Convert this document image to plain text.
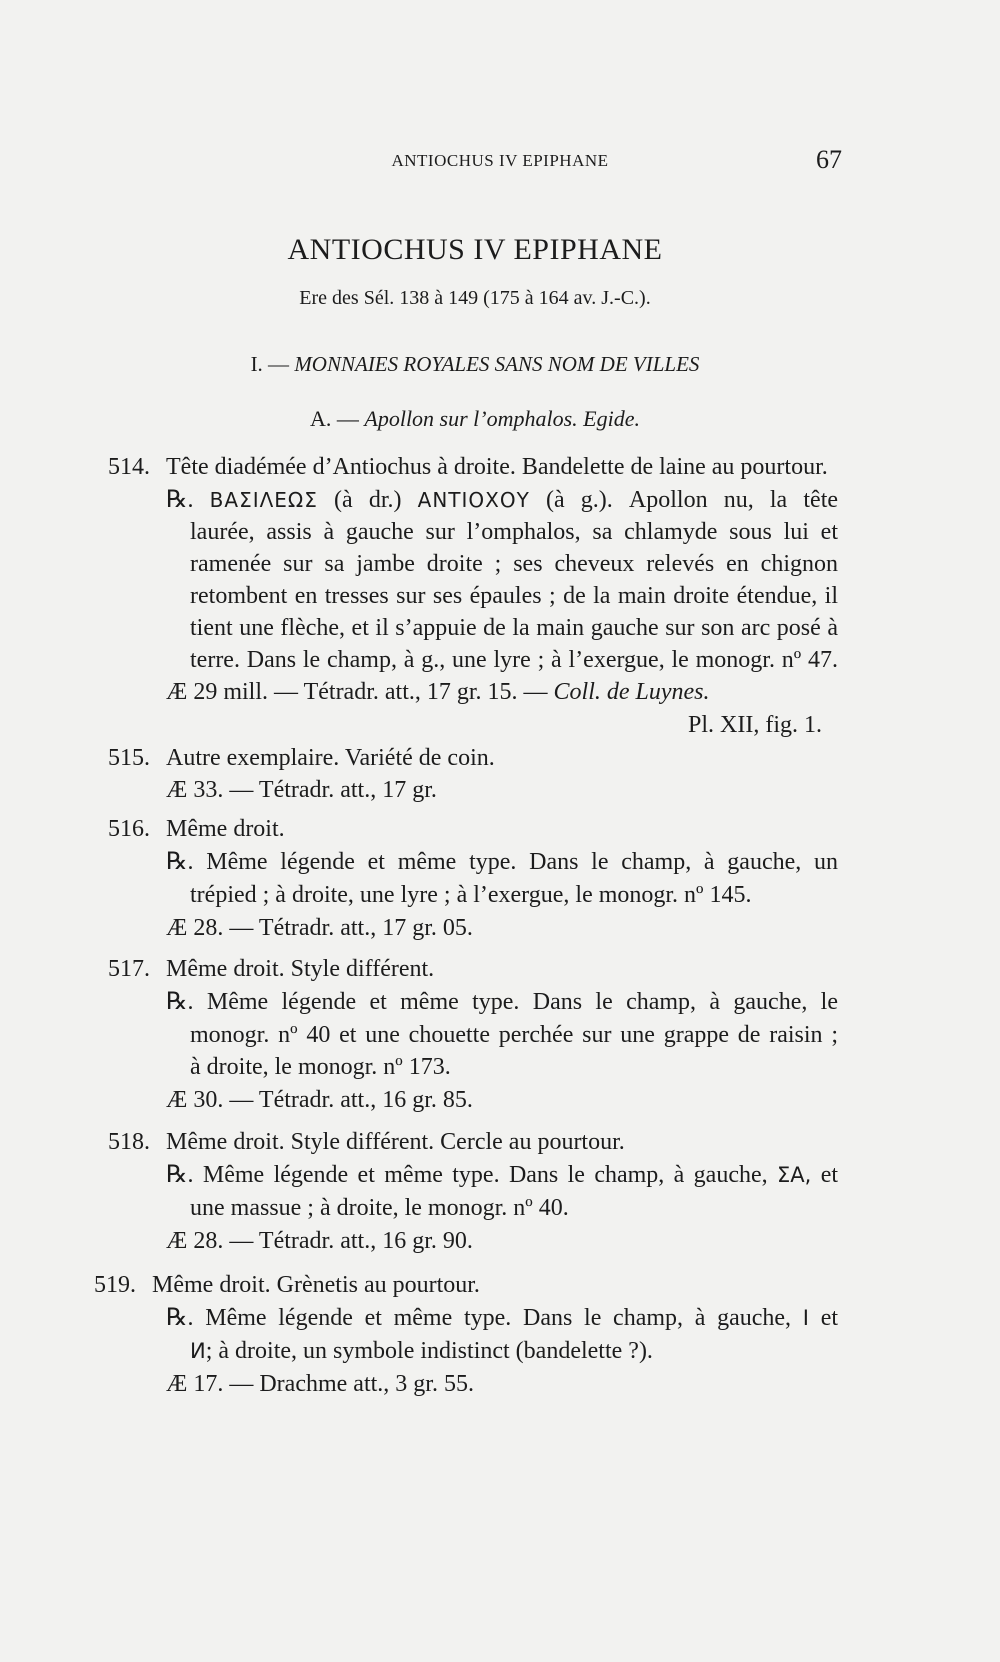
ANTIOCHUS IV EPIPHANE	67
ANTIOCHUS IV EPIPHANE
Ere des Sél. 138 à 149 (175 à 164 av. J.-C.).
I. — MONNAIES ROYALES SANS NOM DE VILLES
A. — Apollon sur l’omphalos. Egide.
514. Tête diadémée d’Antiochus à droite. Bandelette de laine au pourtour.
℞. ΒΑΣΙΛΕΩΣ (à dr.) ΑΝΤΙΟΧΟΥ (à g.). Apollon nu, la tête
laurée, assis à gauche sur l’omphalos, sa chlamyde sous lui et
ramenée sur sa jambe droite ; ses cheveux relevés en chignon
retombent en tresses sur ses épaules ; de la main droite étendue, il
tient une flèche, et il s’appuie de la main gauche sur son arc posé à
terre. Dans le champ, à g., une lyre ; à l’exergue, le monogr. nº 47.
Æ 29 mill. — Tétradr. att., 17 gr. 15. — Coll. de Luynes.
Pl. XII, fig. 1.
515. Autre exemplaire. Variété de coin.
Æ 33. — Tétradr. att., 17 gr.
516. Même droit.
℞. Même légende et même type. Dans le champ, à gauche, un
trépied ; à droite, une lyre ; à l’exergue, le monogr. nº 145.
Æ 28. — Tétradr. att., 17 gr. 05.
517. Même droit. Style différent.
℞. Même légende et même type. Dans le champ, à gauche, le
monogr. nº 40 et une chouette perchée sur une grappe de raisin ;
à droite, le monogr. nº 173.
Æ 30. — Tétradr. att., 16 gr. 85.
518. Même droit. Style différent. Cercle au pourtour.
℞. Même légende et même type. Dans le champ, à gauche, ΣΑ, et
une massue ; à droite, le monogr. nº 40.
Æ 28. — Tétradr. att., 16 gr. 90.
519. Même droit. Grènetis au pourtour.
℞. Même légende et même type. Dans le champ, à gauche, I et
И; à droite, un symbole indistinct (bandelette ?).
Æ 17. — Drachme att., 3 gr. 55.
